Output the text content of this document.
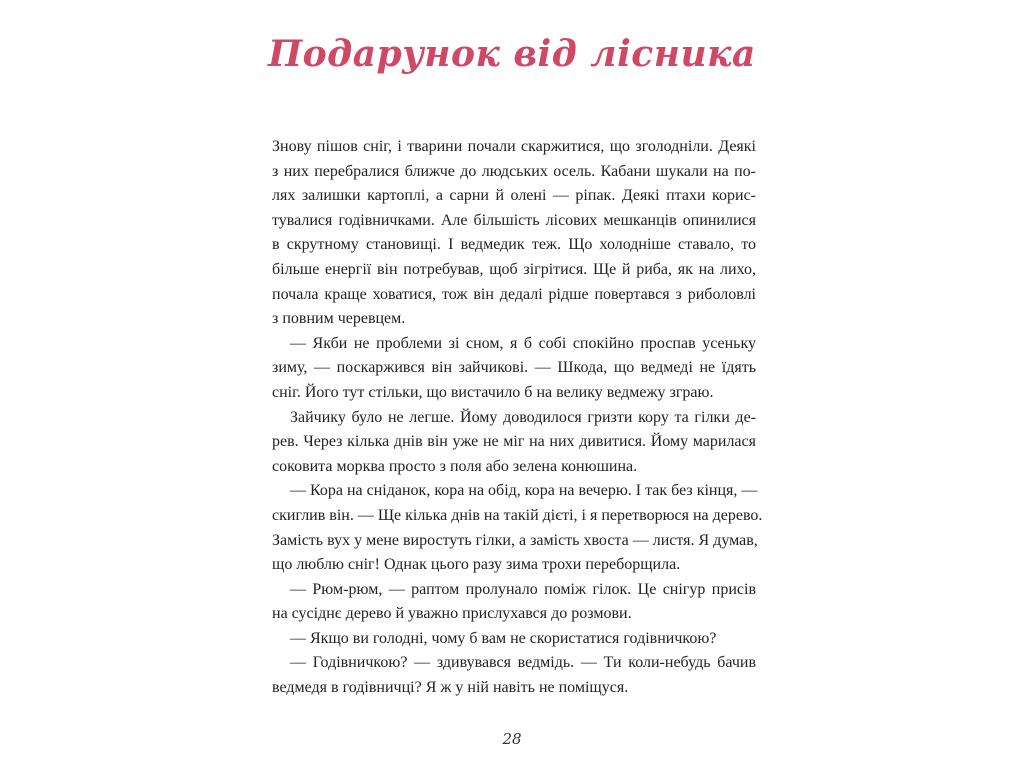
Подарунок від лісника
Знову пішов сніг, і тварини почали скаржитися, що зголодніли. Деякі
з них перебралися ближче до людських осель. Кабани шукали на по-
лях залишки картоплі, а сарни й олені — ріпак. Деякі птахи корис-
тувалися годівничками. Але більшість лісових мешканців опинилися
в скрутному становищі. І ведмедик теж. Що холодніше ставало, то
більше енергії він потребував, щоб зігрітися. Ще й риба, як на лихо,
почала краще ховатися, тож він дедалі рідше повертався з риболовлі
з повним черевцем.
— Якби не проблеми зі сном, я б собі спокійно проспав усеньку
зиму, — поскаржився він зайчикові. — Шкода, що ведмеді не їдять
сніг. Його тут стільки, що вистачило б на велику ведмежу зграю.
Зайчику було не легше. Йому доводилося гризти кору та гілки де-
рев. Через кілька днів він уже не міг на них дивитися. Йому марилася
соковита морква просто з поля або зелена конюшина.
— Кора на сніданок, кора на обід, кора на вечерю. І так без кінця, —
скиглив він. — Ще кілька днів на такій дієті, і я перетворюся на дерево.
Замість вух у мене виростуть гілки, а замість хвоста — листя. Я думав,
що люблю сніг! Однак цього разу зима трохи переборщила.
— Рюм-рюм, — раптом пролунало поміж гілок. Це снігур присів
на сусіднє дерево й уважно прислухався до розмови.
— Якщо ви голодні, чому б вам не скористатися годівничкою?
— Годівничкою? — здивувався ведмідь. — Ти коли-небудь бачив
ведмедя в годівничці? Я ж у ній навіть не поміщуся.
28
